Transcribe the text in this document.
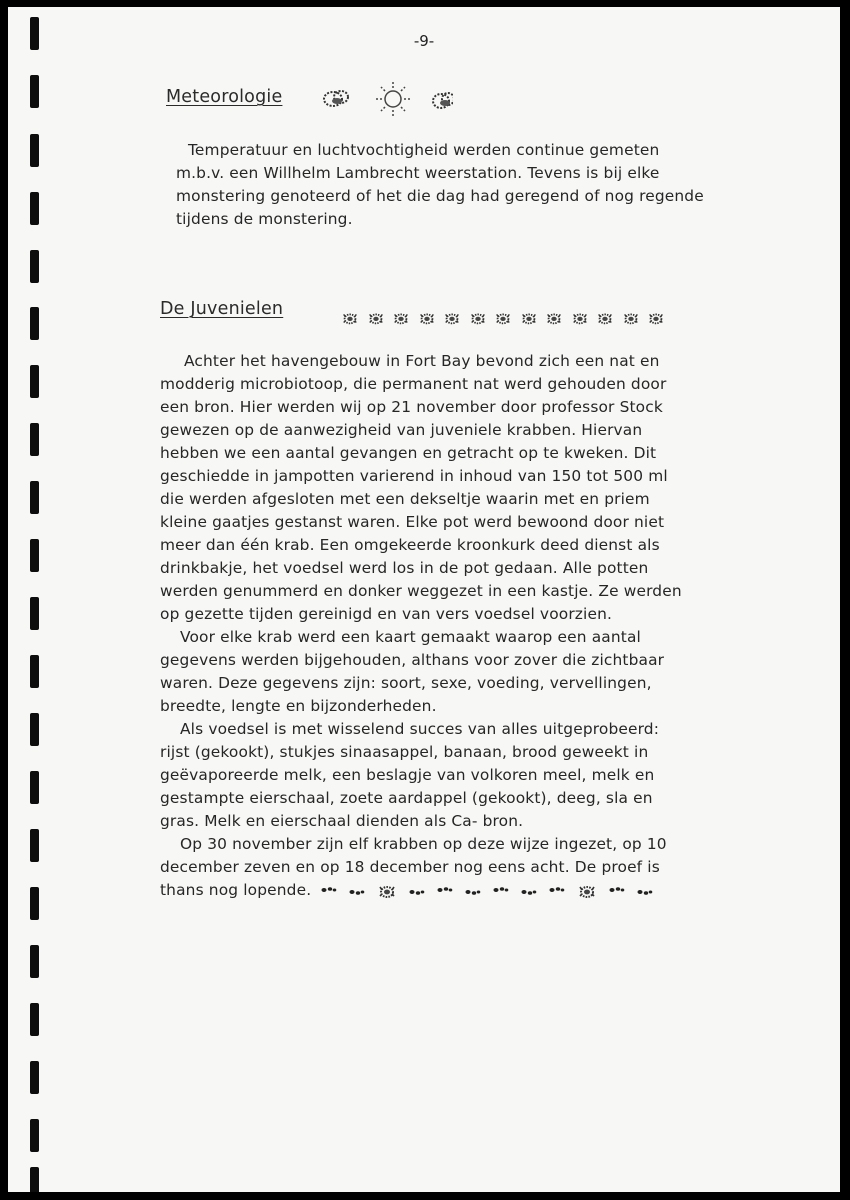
-9-
Meteorologie
Temperatuur en luchtvochtigheid werden continue gemeten
m.b.v. een Willhelm Lambrecht weerstation. Tevens is bij elke
monstering genoteerd of het die dag had geregend of nog regende
tijdens de monstering.
De Juvenielen
Achter het havengebouw in Fort Bay bevond zich een nat en
modderig microbiotoop, die permanent nat werd gehouden door
een bron. Hier werden wij op 21 november door professor Stock
gewezen op de aanwezigheid van juveniele krabben. Hiervan
hebben we een aantal gevangen en getracht op te kweken. Dit
geschiedde in jampotten varierend in inhoud van 150 tot 500 ml
die werden afgesloten met een dekseltje waarin met en priem
kleine gaatjes gestanst waren. Elke pot werd bewoond door niet
meer dan één krab. Een omgekeerde kroonkurk deed dienst als
drinkbakje, het voedsel werd los in de pot gedaan. Alle potten
werden genummerd en donker weggezet in een kastje. Ze werden
op gezette tijden gereinigd en van vers voedsel voorzien.
Voor elke krab werd een kaart gemaakt waarop een aantal
gegevens werden bijgehouden, althans voor zover die zichtbaar
waren. Deze gegevens zijn: soort, sexe, voeding, vervellingen,
breedte, lengte en bijzonderheden.
Als voedsel is met wisselend succes van alles uitgeprobeerd:
rijst (gekookt), stukjes sinaasappel, banaan, brood geweekt in
geëvaporeerde melk, een beslagje van volkoren meel, melk en
gestampte eierschaal, zoete aardappel (gekookt), deeg, sla en
gras. Melk en eierschaal dienden als Ca- bron.
Op 30 november zijn elf krabben op deze wijze ingezet, op 10
december zeven en op 18 december nog eens acht. De proef is
thans nog lopende.
